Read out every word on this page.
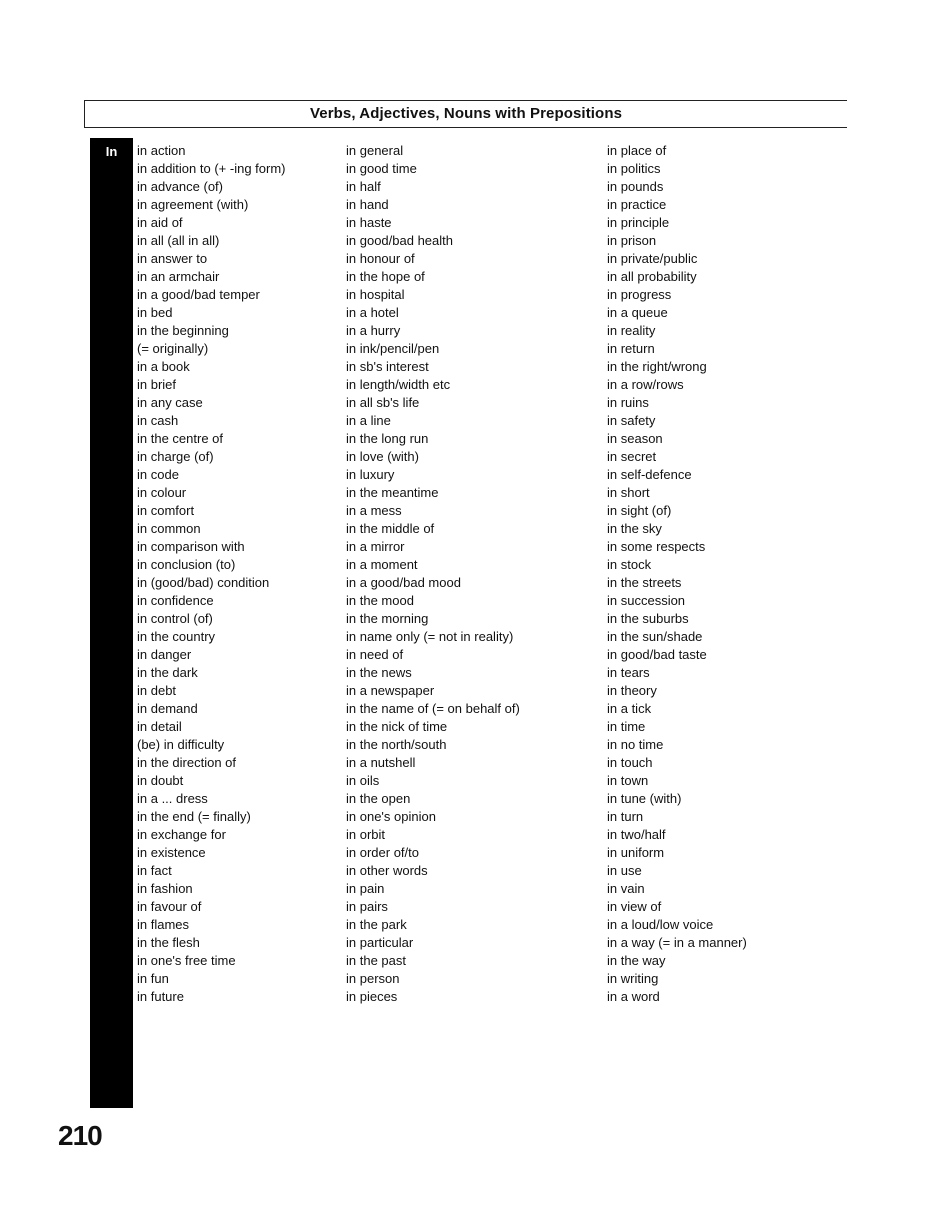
Verbs, Adjectives, Nouns with Prepositions
In	in action
in addition to (+ -ing form)
in advance (of)
in agreement (with)
in aid of
in all (all in all)
in answer to
in an armchair
in a good/bad temper
in bed
in the beginning
(= originally)
in a book
in brief
in any case
in cash
in the centre of
in charge (of)
in code
in colour
in comfort
in common
in comparison with
in conclusion (to)
in (good/bad) condition
in confidence
in control (of)
in the country
in danger
in the dark
in debt
in demand
in detail
(be) in difficulty
in the direction of
in doubt
in a ... dress
in the end (= finally)
in exchange for
in existence
in fact
in fashion
in favour of
in flames
in the flesh
in one's free time
in fun
in future
in general
in good time
in half
in hand
in haste
in good/bad health
in honour of
in the hope of
in hospital
in a hotel
in a hurry
in ink/pencil/pen
in sb's interest
in length/width etc
in all sb's life
in a line
in the long run
in love (with)
in luxury
in the meantime
in a mess
in the middle of
in a mirror
in a moment
in a good/bad mood
in the mood
in the morning
in name only (= not in reality)
in need of
in the news
in a newspaper
in the name of (= on behalf of)
in the nick of time
in the north/south
in a nutshell
in oils
in the open
in one's opinion
in orbit
in order of/to
in other words
in pain
in pairs
in the park
in particular
in the past
in person
in pieces
in place of
in politics
in pounds
in practice
in principle
in prison
in private/public
in all probability
in progress
in a queue
in reality
in return
in the right/wrong
in a row/rows
in ruins
in safety
in season
in secret
in self-defence
in short
in sight (of)
in the sky
in some respects
in stock
in the streets
in succession
in the suburbs
in the sun/shade
in good/bad taste
in tears
in theory
in a tick
in time
in no time
in touch
in town
in tune (with)
in turn
in two/half
in uniform
in use
in vain
in view of
in a loud/low voice
in a way (= in a manner)
in the way
in writing
in a word
210
